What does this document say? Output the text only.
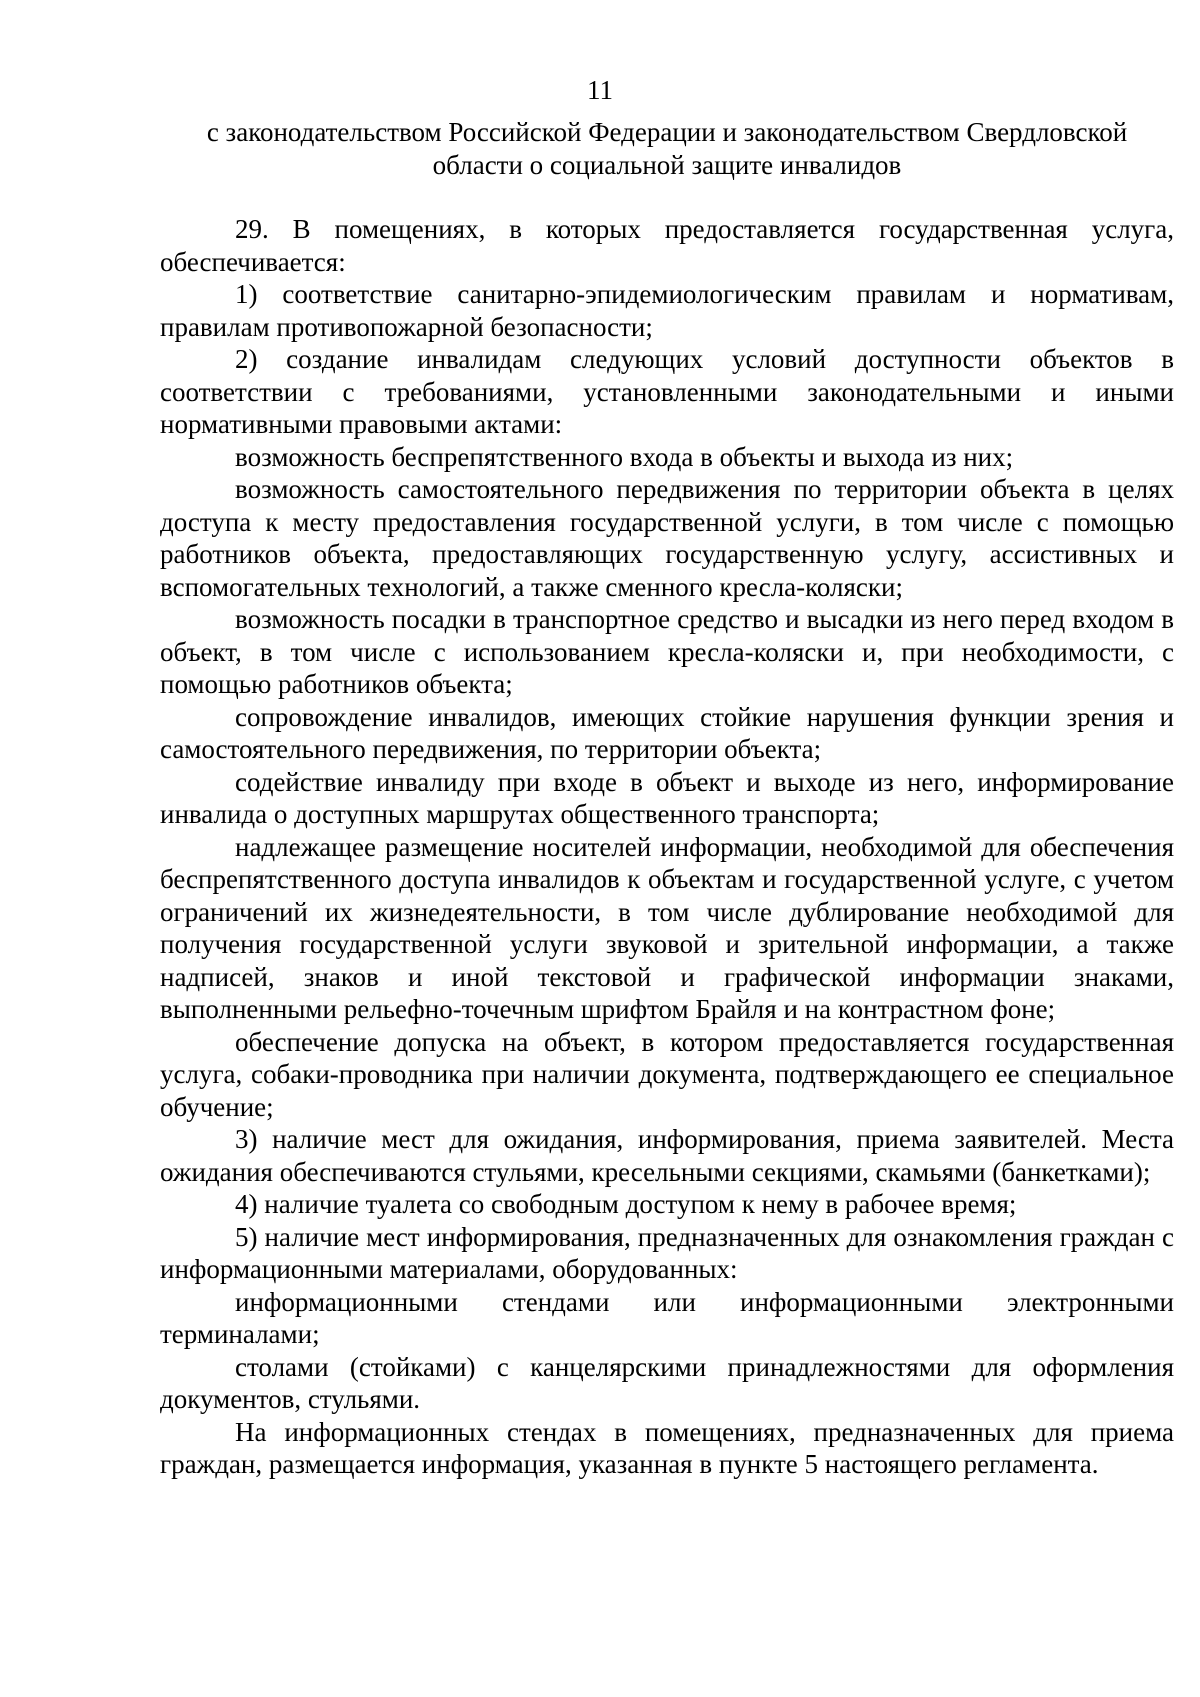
11
с законодательством Российской Федерации и законодательством Свердловской области о социальной защите инвалидов
29. В помещениях, в которых предоставляется государственная услуга, обеспечивается:
1) соответствие санитарно-эпидемиологическим правилам и нормативам, правилам противопожарной безопасности;
2) создание инвалидам следующих условий доступности объектов в соответствии с требованиями, установленными законодательными и иными нормативными правовыми актами:
возможность беспрепятственного входа в объекты и выхода из них;
возможность самостоятельного передвижения по территории объекта в целях доступа к месту предоставления государственной услуги, в том числе с помощью работников объекта, предоставляющих государственную услугу, ассистивных и вспомогательных технологий, а также сменного кресла-коляски;
возможность посадки в транспортное средство и высадки из него перед входом в объект, в том числе с использованием кресла-коляски и, при необходимости, с помощью работников объекта;
сопровождение инвалидов, имеющих стойкие нарушения функции зрения и самостоятельного передвижения, по территории объекта;
содействие инвалиду при входе в объект и выходе из него, информирование инвалида о доступных маршрутах общественного транспорта;
надлежащее размещение носителей информации, необходимой для обеспечения беспрепятственного доступа инвалидов к объектам и государственной услуге, с учетом ограничений их жизнедеятельности, в том числе дублирование необходимой для получения государственной услуги звуковой и зрительной информации, а также надписей, знаков и иной текстовой и графической информации знаками, выполненными рельефно-точечным шрифтом Брайля и на контрастном фоне;
обеспечение допуска на объект, в котором предоставляется государственная услуга, собаки-проводника при наличии документа, подтверждающего ее специальное обучение;
3) наличие мест для ожидания, информирования, приема заявителей. Места ожидания обеспечиваются стульями, кресельными секциями, скамьями (банкетками);
4) наличие туалета со свободным доступом к нему в рабочее время;
5) наличие мест информирования, предназначенных для ознакомления граждан с информационными материалами, оборудованных:
информационными стендами или информационными электронными терминалами;
столами (стойками) с канцелярскими принадлежностями для оформления документов, стульями.
На информационных стендах в помещениях, предназначенных для приема граждан, размещается информация, указанная в пункте 5 настоящего регламента.
